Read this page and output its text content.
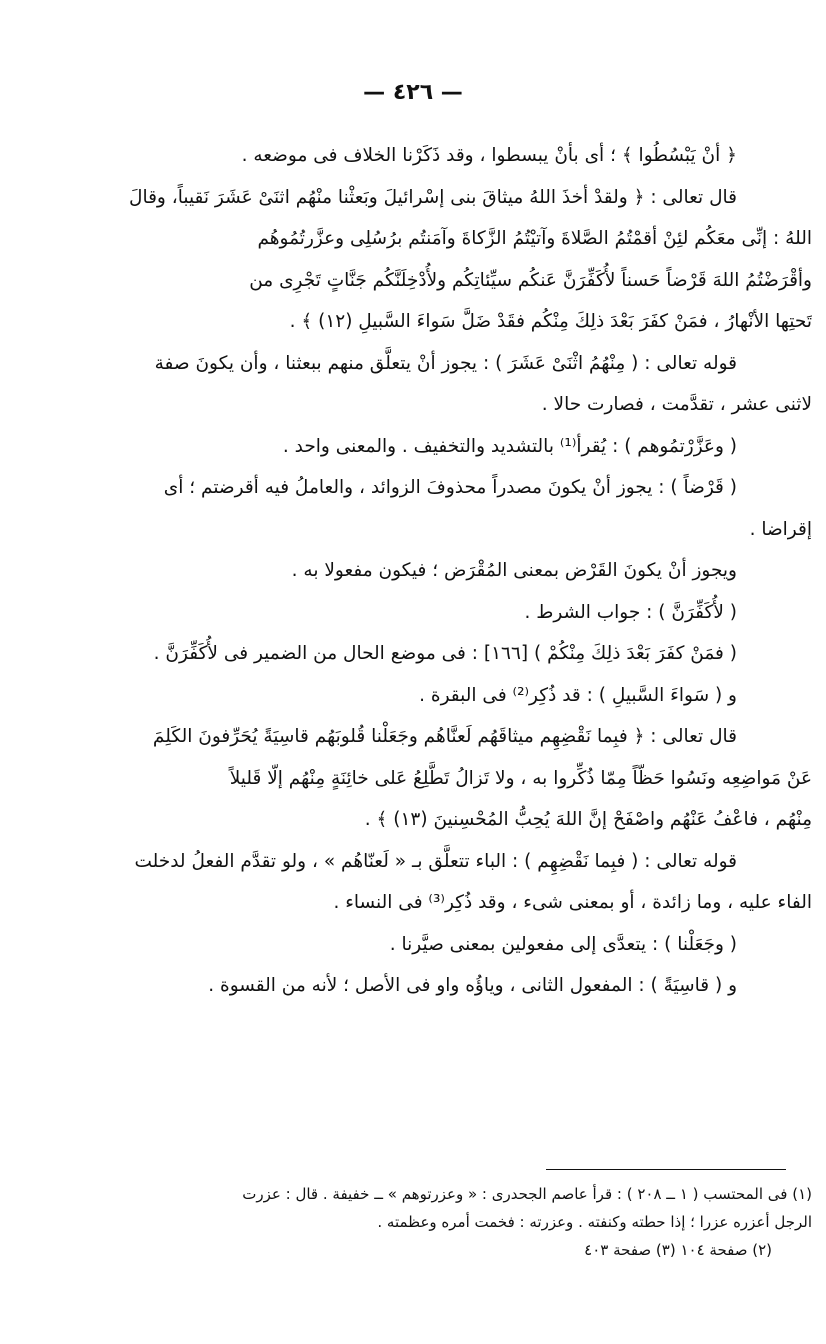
— ٤٢٦ —
﴿ أنْ يَبْسُطُوا ﴾ ؛ أى بأنْ يبسطوا ، وقد ذَكَرْنا الخلاف فى موضعه .
قال تعالى : ﴿ ولقدْ أخذَ اللهُ ميثاقَ بنى إسْرائيلَ وبَعثْنا منْهُم اثنَىْ عَشَرَ نَقيباً، وقالَ
اللهُ : إنِّى معَكُم لئِنْ أقمْتُمُ الصَّلاةَ وآتيْتُمُ الزَّكاةَ وآمَنتُم برُسُلِى وعزَّرتُمُوهُم
وأقْرَضْتُمُ اللهَ قَرْضاً حَسناً لأُكَفِّرَنَّ عَنكُم سيِّئاتِكُم ولأُدْخِلَنَّكُم جَنَّاتٍ تَجْرِى من
تَحتِها الأنْهارُ ، فمَنْ كفَرَ بَعْدَ ذلِكَ مِنْكُم فقَدْ ضَلَّ سَواءَ السَّبيلِ (١٢) ﴾ .
قوله تعالى : ( مِنْهُمُ اثْنَىْ عَشَرَ ) : يجوز أنْ يتعلَّق منهم ببعثنا ، وأن يكونَ صفة
لاثنى عشر ، تقدَّمت ، فصارت حالا .
( وعَزَّرْتمُوهم ) : يُقرأ⁽¹⁾ بالتشديد والتخفيف . والمعنى واحد .
( قَرْضاً ) : يجوز أنْ يكونَ مصدراً محذوفَ الزوائد ، والعاملُ فيه أقرضتم ؛ أى
إقراضا .
ويجوز أنْ يكونَ القَرْض بمعنى المُقْرَض ؛ فيكون مفعولا به .
( لأُكَفِّرَنَّ ) : جواب الشرط .
( فمَنْ كفَرَ بَعْدَ ذلِكَ مِنْكُمْ ) [١٦٦] : فى موضع الحال من الضمير فى لأُكَفِّرَنَّ .
و ( سَواءَ السَّبيلِ ) : قد ذُكِر⁽²⁾ فى البقرة .
قال تعالى : ﴿ فبِما نَقْضِهِم ميثاقَهُم لَعنَّاهُم وجَعَلْنا قُلوبَهُم قاسِيَةً يُحَرِّفونَ الكَلِمَ
عَنْ مَواضِعِه ونَسُوا حَظّاً مِمّا ذُكِّروا به ، ولا تَزالُ تَطَّلِعُ عَلى خائِنَةٍ مِنْهُم إلّا قَليلاً
مِنْهُم ، فاعْفُ عَنْهُم واصْفَحْ إنَّ اللهَ يُحِبُّ المُحْسِنينَ (١٣) ﴾ .
قوله تعالى : ( فبِما نَقْضِهِم ) : الباء تتعلَّق بـ « لَعنّاهُم » ، ولو تقدَّم الفعلُ لدخلت
الفاء عليه ، وما زائدة ، أو بمعنى شىء ، وقد ذُكِر⁽³⁾ فى النساء .
( وجَعَلْنا ) : يتعدَّى إلى مفعولين بمعنى صيَّرنا .
و ( قاسِيَةً ) : المفعول الثانى ، وياؤُه واو فى الأصل ؛ لأنه من القسوة .
(١) فى المحتسب ( ١ ــ ٢٠٨ ) : قرأ عاصم الجحدرى : « وعزرتوهم » ــ خفيفة . قال : عزرت
الرجل أعزره عزرا ؛ إذا حطته وكنفته . وعزرته : فخمت أمره وعظمته .
(٢) صفحة ١٠٤ (٣) صفحة ٤٠٣
